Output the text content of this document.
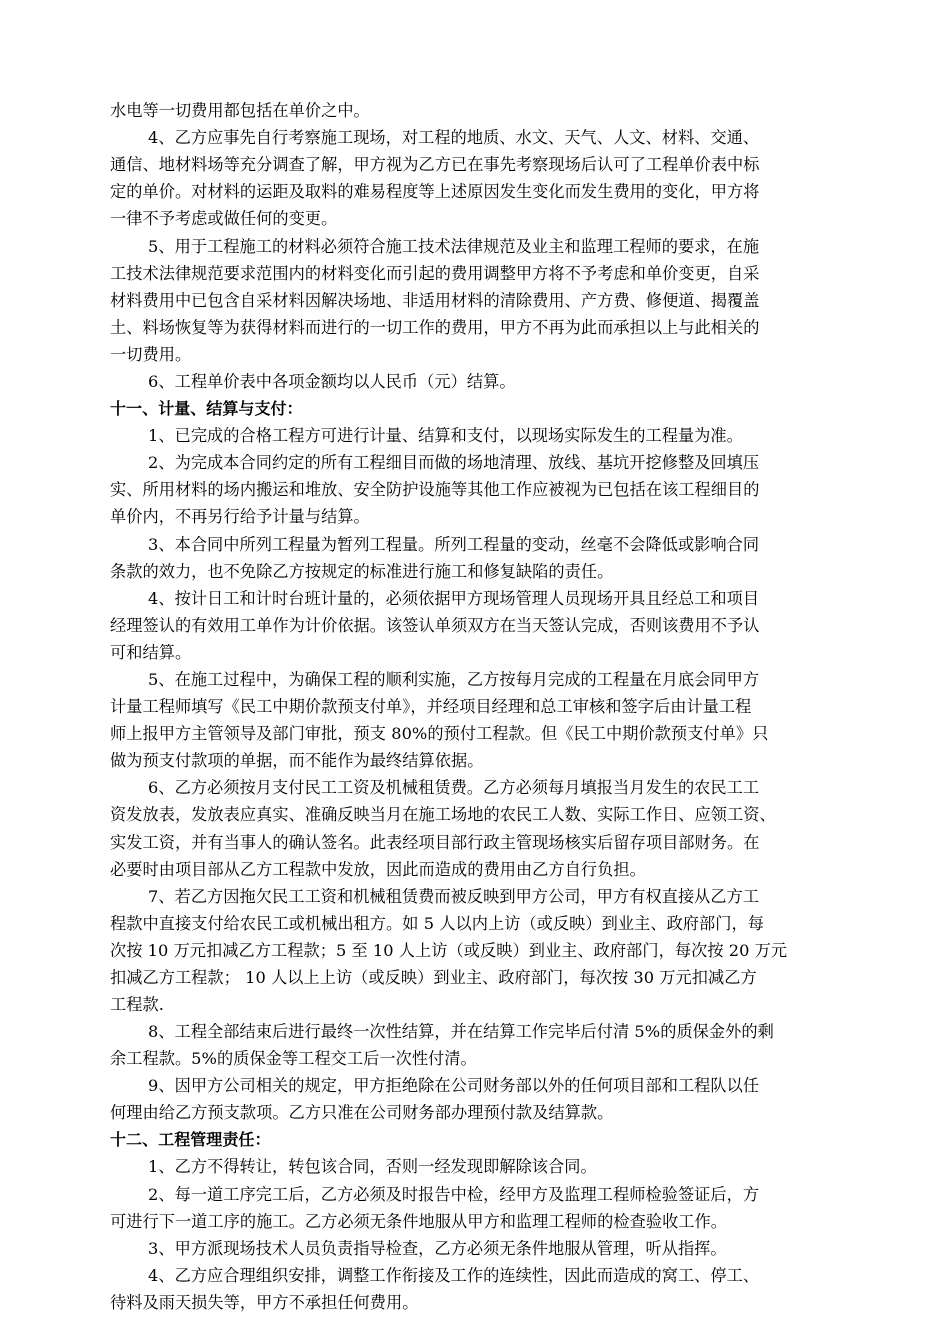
水电等一切费用都包括在单价之中。
4、乙方应事先自行考察施工现场，对工程的地质、水文、天气、人文、材料、交通、
通信、地材料场等充分调查了解，甲方视为乙方已在事先考察现场后认可了工程单价表中标
定的单价。对材料的运距及取料的难易程度等上述原因发生变化而发生费用的变化，甲方将
一律不予考虑或做任何的变更。
5、用于工程施工的材料必须符合施工技术法律规范及业主和监理工程师的要求，在施
工技术法律规范要求范围内的材料变化而引起的费用调整甲方将不予考虑和单价变更，自采
材料费用中已包含自采材料因解决场地、非适用材料的清除费用、产方费、修便道、揭覆盖
土、料场恢复等为获得材料而进行的一切工作的费用，甲方不再为此而承担以上与此相关的
一切费用。
6、工程单价表中各项金额均以人民币（元）结算。
十一、计量、结算与支付：
1、已完成的合格工程方可进行计量、结算和支付，以现场实际发生的工程量为准。
2、为完成本合同约定的所有工程细目而做的场地清理、放线、基坑开挖修整及回填压
实、所用材料的场内搬运和堆放、安全防护设施等其他工作应被视为已包括在该工程细目的
单价内，不再另行给予计量与结算。
3、本合同中所列工程量为暂列工程量。所列工程量的变动，丝毫不会降低或影响合同
条款的效力，也不免除乙方按规定的标准进行施工和修复缺陷的责任。
4、按计日工和计时台班计量的，必须依据甲方现场管理人员现场开具且经总工和项目
经理签认的有效用工单作为计价依据。该签认单须双方在当天签认完成，否则该费用不予认
可和结算。
5、在施工过程中，为确保工程的顺利实施，乙方按每月完成的工程量在月底会同甲方
计量工程师填写《民工中期价款预支付单》，并经项目经理和总工审核和签字后由计量工程
师上报甲方主管领导及部门审批，预支 80%的预付工程款。但《民工中期价款预支付单》只
做为预支付款项的单据，而不能作为最终结算依据。
6、乙方必须按月支付民工工资及机械租赁费。乙方必须每月填报当月发生的农民工工
资发放表，发放表应真实、准确反映当月在施工场地的农民工人数、实际工作日、应领工资、
实发工资，并有当事人的确认签名。此表经项目部行政主管现场核实后留存项目部财务。在
必要时由项目部从乙方工程款中发放，因此而造成的费用由乙方自行负担。
7、若乙方因拖欠民工工资和机械租赁费而被反映到甲方公司，甲方有权直接从乙方工
程款中直接支付给农民工或机械出租方。如 5 人以内上访（或反映）到业主、政府部门，每
次按 10 万元扣减乙方工程款；5 至 10 人上访（或反映）到业主、政府部门，每次按 20 万元
扣减乙方工程款； 10 人以上上访（或反映）到业主、政府部门，每次按 30 万元扣减乙方
工程款.
8、工程全部结束后进行最终一次性结算，并在结算工作完毕后付清 5%的质保金外的剩
余工程款。5%的质保金等工程交工后一次性付清。
9、因甲方公司相关的规定，甲方拒绝除在公司财务部以外的任何项目部和工程队以任
何理由给乙方预支款项。乙方只准在公司财务部办理预付款及结算款。
十二、工程管理责任：
1、乙方不得转让，转包该合同，否则一经发现即解除该合同。
2、每一道工序完工后，乙方必须及时报告中检，经甲方及监理工程师检验签证后，方
可进行下一道工序的施工。乙方必须无条件地服从甲方和监理工程师的检查验收工作。
3、甲方派现场技术人员负责指导检查，乙方必须无条件地服从管理，听从指挥。
4、乙方应合理组织安排，调整工作衔接及工作的连续性，因此而造成的窝工、停工、
待料及雨天损失等，甲方不承担任何费用。
